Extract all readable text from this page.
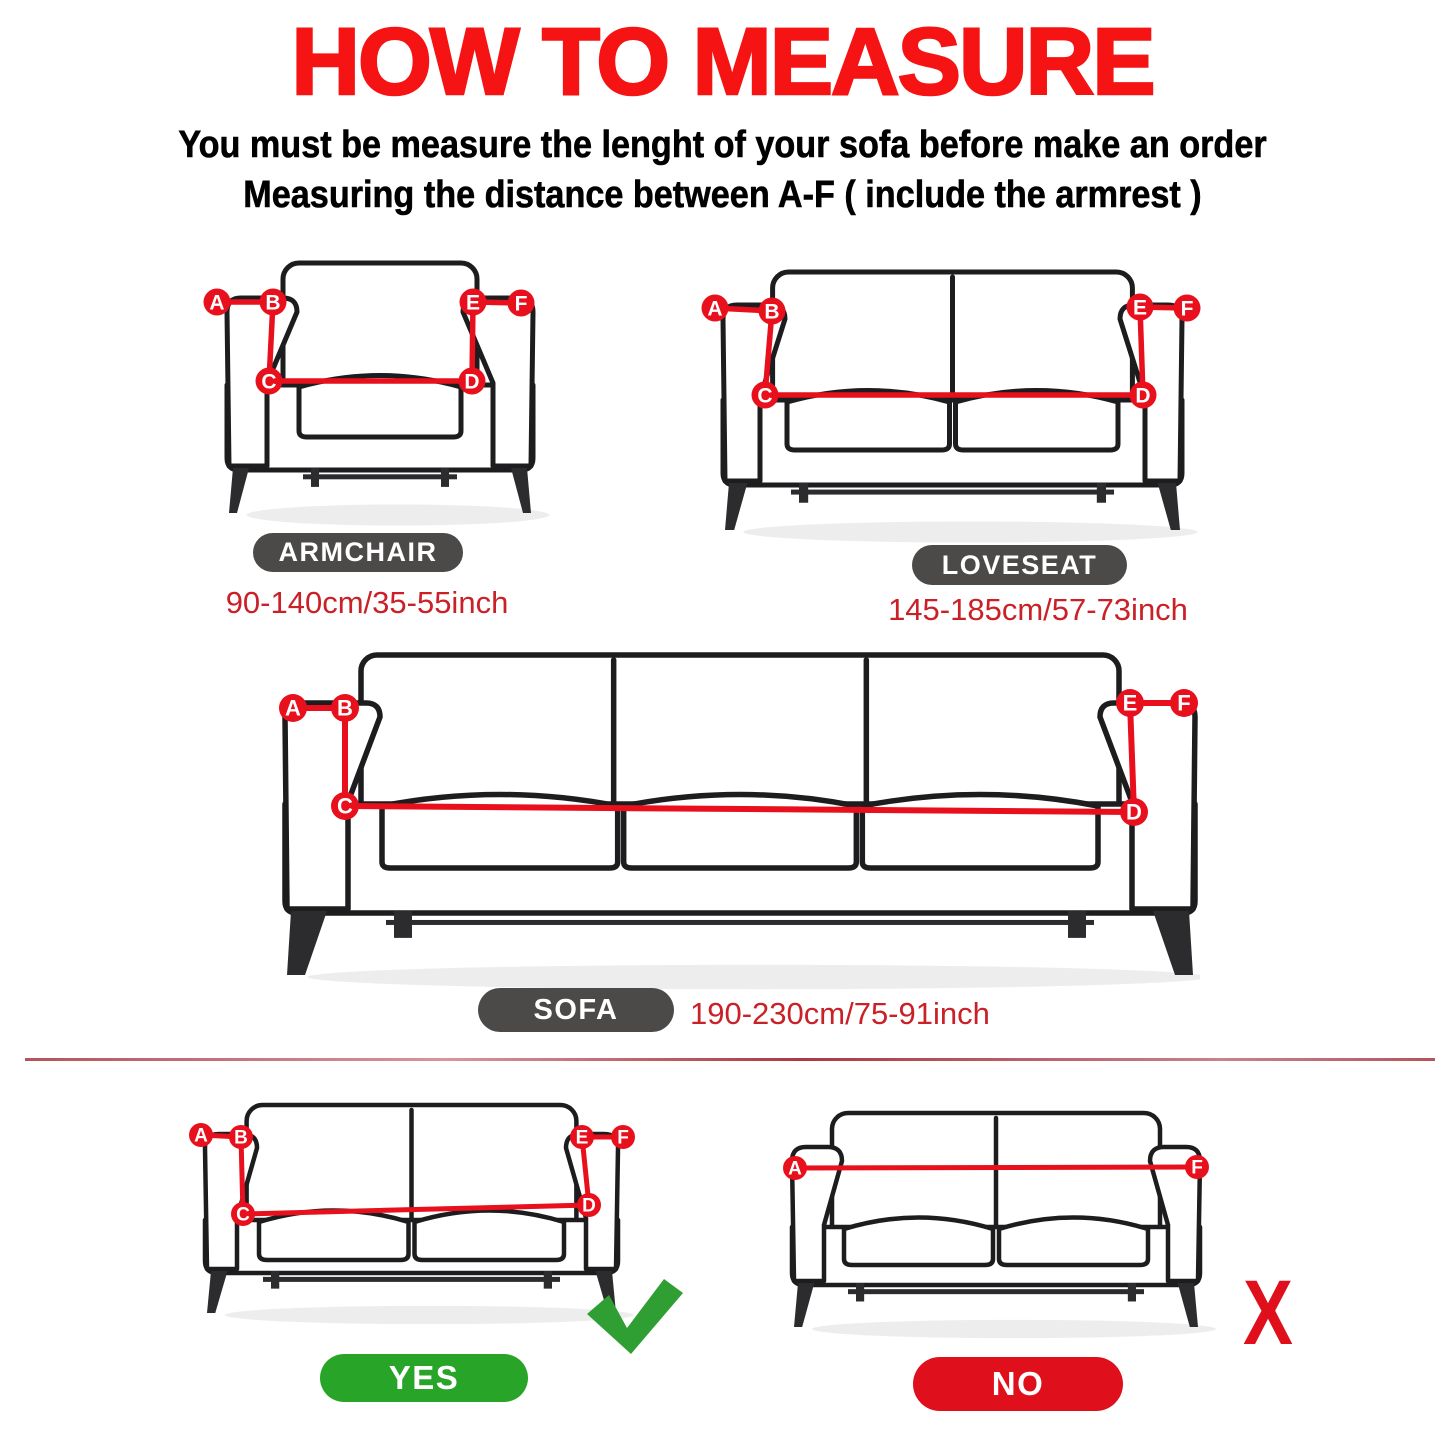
HOW TO MEASURE
You must be measure the lenght of your sofa before make an order
Measuring the distance between A-F ( include the armrest )
A B
C	D
E F	A B
C	D
E F
A B
C	D
E F
A B
C	D
E F
A	F
X
ARMCHAIR
90-140cm/35-55inch
LOVESEAT
145-185cm/57-73inch
SOFA	190-230cm/75-91inch
YES	NO
